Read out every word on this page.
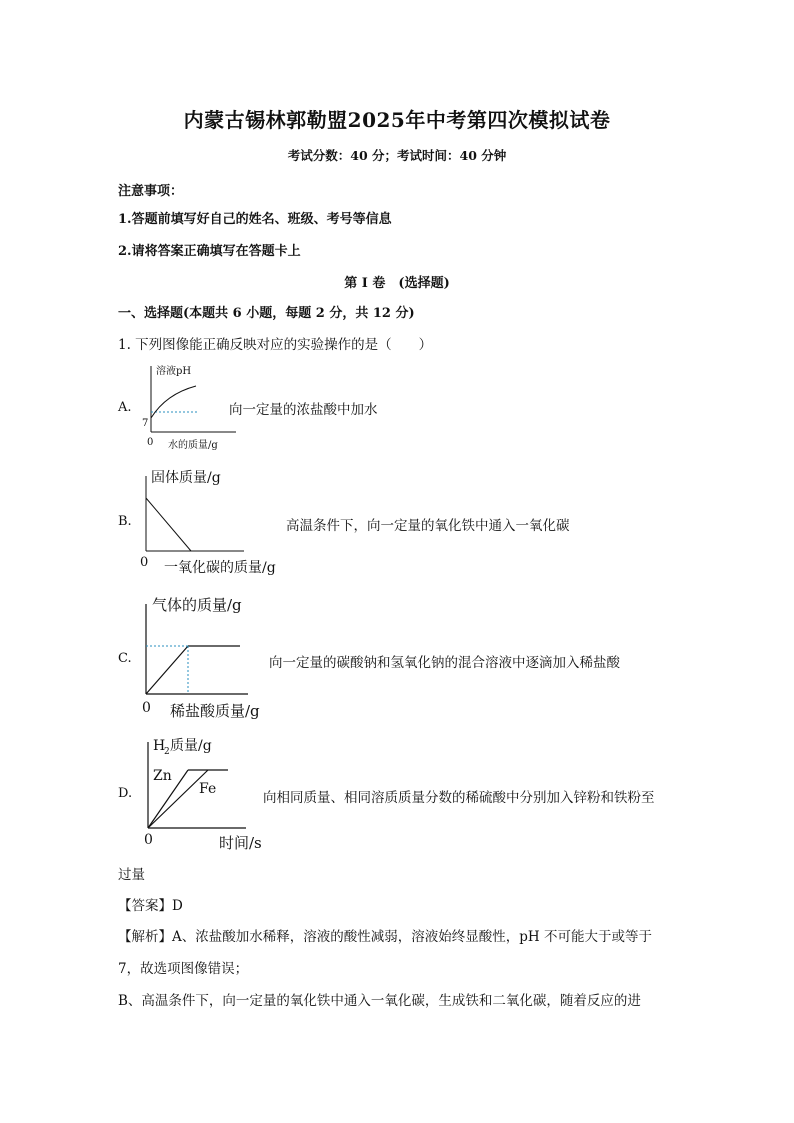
内蒙古锡林郭勒盟2025年中考第四次模拟试卷
考试分数：40 分；考试时间：40 分钟
注意事项：
1.答题前填写好自己的姓名、班级、考号等信息
2.请将答案正确填写在答题卡上
第 I 卷　(选择题)
一、选择题(本题共 6 小题，每题 2 分，共 12 分)
1. 下列图像能正确反映对应的实验操作的是（　　）
A.
溶液pH
7
0 水的质量/g
向一定量的浓盐酸中加水
B.
固体质量/g
0 一氧化碳的质量/g
高温条件下，向一定量的氧化铁中通入一氧化碳
C.
气体的质量/g
0 稀盐酸质量/g
向一定量的碳酸钠和氢氧化钠的混合溶液中逐滴加入稀盐酸
D.
H
2 质量/g
Zn
Fe
0	时间/s
向相同质量、相同溶质质量分数的稀硫酸中分别加入锌粉和铁粉至
过量
【答案】D
【解析】A、浓盐酸加水稀释，溶液的酸性减弱，溶液始终显酸性，pH 不可能大于或等于
7，故选项图像错误；
B、高温条件下，向一定量的氧化铁中通入一氧化碳，生成铁和二氧化碳，随着反应的进
